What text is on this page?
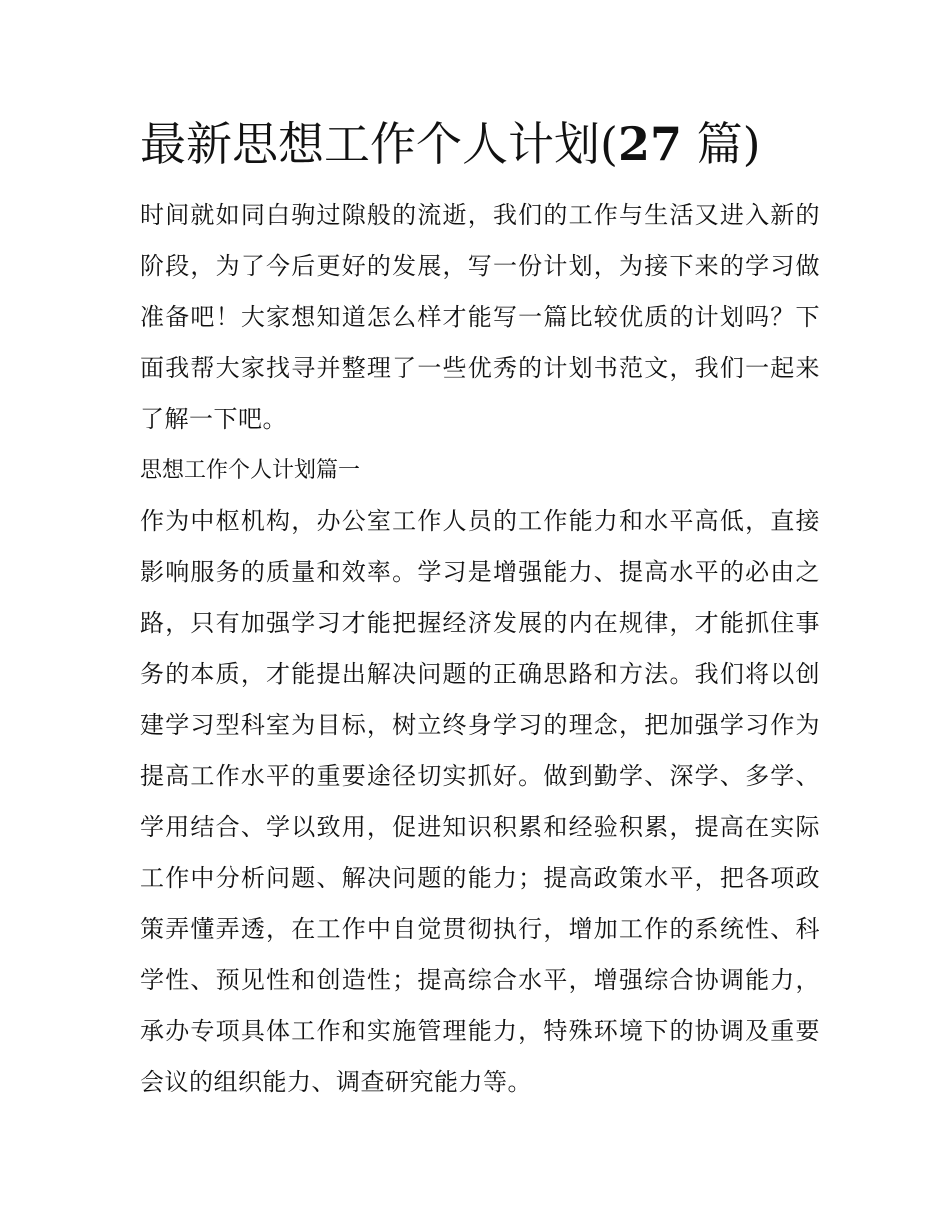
最新思想工作个人计划(27 篇)

时间就如同白驹过隙般的流逝，我们的工作与生活又进入新的阶段，为了今后更好的发展，写一份计划，为接下来的学习做准备吧！大家想知道怎么样才能写一篇比较优质的计划吗？下面我帮大家找寻并整理了一些优秀的计划书范文，我们一起来了解一下吧。

思想工作个人计划篇一

作为中枢机构，办公室工作人员的工作能力和水平高低，直接影响服务的质量和效率。学习是增强能力、提高水平的必由之路，只有加强学习才能把握经济发展的内在规律，才能抓住事务的本质，才能提出解决问题的正确思路和方法。我们将以创建学习型科室为目标，树立终身学习的理念，把加强学习作为提高工作水平的重要途径切实抓好。做到勤学、深学、多学、学用结合、学以致用，促进知识积累和经验积累，提高在实际工作中分析问题、解决问题的能力；提高政策水平，把各项政策弄懂弄透，在工作中自觉贯彻执行，增加工作的系统性、科学性、预见性和创造性；提高综合水平，增强综合协调能力，承办专项具体工作和实施管理能力，特殊环境下的协调及重要会议的组织能力、调查研究能力等。
